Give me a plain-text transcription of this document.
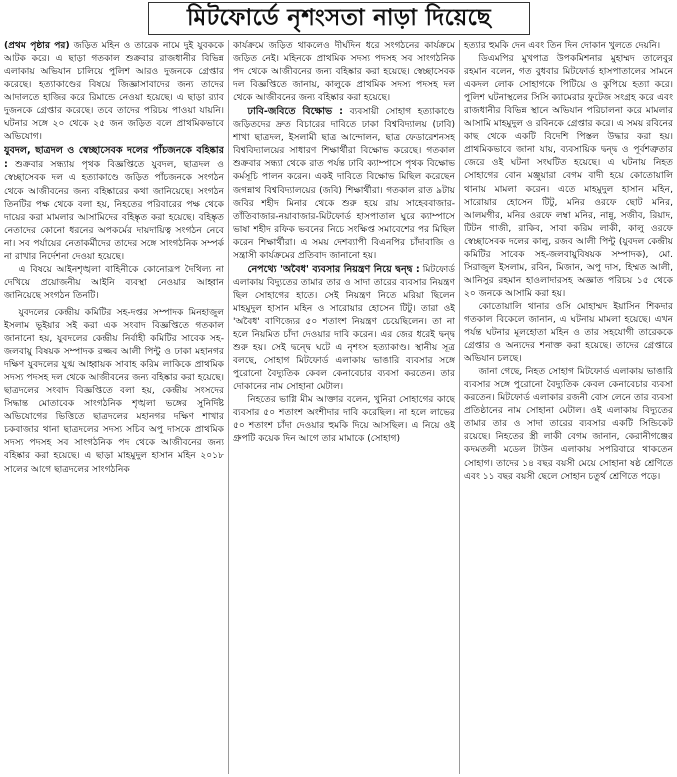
মিটফোর্ডে নৃশংসতা নাড়া দিয়েছে

(প্রথম পৃষ্ঠার পর) জড়িত মহিন ও তারেক নামে দুই যুবককে আটক করে। এ ছাড়া গতকাল শুক্রবার রাজধানীর বিভিন্ন এলাকায় অভিযান চালিয়ে পুলিশ আরও দুজনকে গ্রেপ্তার করেছে। হত্যাকাণ্ডের বিষয়ে জিজ্ঞাসাবাদের জন্য তাদের আদালতে হাজির করে রিমান্ডে নেওয়া হয়েছে। এ ছাড়া র‍্যাব দুজনকে গ্রেপ্তার করেছে। তবে তাদের পরিচয় পাওয়া যায়নি। ঘটনার সঙ্গে ২০ থেকে ২৫ জন জড়িত বলে প্রাথমিকভাবে অভিযোগ।

যুবদল, ছাত্রদল ও স্বেচ্ছাসেবক দলের পাঁচজনকে বহিষ্কার : শুক্রবার সন্ধ্যায় পৃথক বিজ্ঞপ্তিতে যুবদল, ছাত্রদল ও স্বেচ্ছাসেবক দল এ হত্যাকাণ্ডে জড়িত পাঁচজনকে সংগঠন থেকে আজীবনের জন্য বহিষ্কারের কথা জানিয়েছে। সংগঠন তিনটির পক্ষ থেকে বলা হয়, নিহতের পরিবারের পক্ষ থেকে দায়ের করা মামলার আসামিদের বহিষ্কৃত করা হয়েছে। বহিষ্কৃত নেতাদের কোনো ধরনের অপকর্মের দায়দায়িত্ব সংগঠন নেবে না। সব পর্যায়ের নেতাকর্মীদের তাদের সঙ্গে সাংগঠনিক সম্পর্ক না রাখার নির্দেশনা দেওয়া হয়েছে।

এ বিষয়ে আইনশৃঙ্খলা বাহিনীকে কোনোরূপ দৈথিল্য না দেখিয়ে প্রয়োজনীয় আইনি ব্যবস্থা নেওয়ার আহ্বান জানিয়েছে সংগঠন তিনটি।

যুবদলের কেন্দ্রীয় কমিটির সহ-দপ্তর সম্পাদক মিনহাজুল ইসলাম ভূইয়ার সই করা এক সংবাদ বিজ্ঞপ্তিতে গতকাল জানানো হয়, যুবদলের কেন্দ্রীয় নির্বাহী কমিটির সাবেক সহ-জলবায়ু বিষয়ক সম্পাদক রজ্জব আলী পিন্টু ও ঢাকা মহানগর দক্ষিণ যুবদলের যুগ্ম আহ্বায়ক সাবাহ করিম লাকিকে প্রাথমিক সদস্য পদসহ দল থেকে আজীবনের জন্য বহিষ্কার করা হয়েছে। ছাত্রদলের সংবাদ বিজ্ঞপ্তিতে বলা হয়, কেন্দ্রীয় সংসদের সিদ্ধান্ত মোতাবেক সাংগঠনিক শৃঙ্খলা ভঙ্গের সুনির্দিষ্ট অভিযোগের ভিত্তিতে ছাত্রদলের মহানগর দক্ষিণ শাখার চকবাজার থানা ছাত্রদলের সদস্য সচিব অপু দাসকে প্রাথমিক সদস্য পদসহ সব সাংগঠনিক পদ থেকে আজীবনের জন্য বহিষ্কার করা হয়েছে। এ ছাড়া মাহমুদুল হাসান মহিন ২০১৮ সালের আগে ছাত্রদলের সাংগঠনিক

কার্যক্রমে জড়িত থাকলেও দীর্ঘদিন ধরে সংগঠনের কার্যক্রমে জড়িত নেই। মহিনকে প্রাথমিক সদস্য পদসহ সব সাংগঠনিক পদ থেকে আজীবনের জন্য বহিষ্কার করা হয়েছে। স্বেচ্ছাসেবক দল বিজ্ঞপ্তিতে জানায়, কালুকে প্রাথমিক সদস্য পদসহ দল থেকে আজীবনের জন্য বহিষ্কার করা হয়েছে।

ঢাবি-জবিতে বিক্ষোভ : ব্যবসায়ী সোহাগ হত্যাকাণ্ডে জড়িতদের দ্রুত বিচারের দাবিতে ঢাকা বিশ্ববিদ্যালয় (ঢাবি) শাখা ছাত্রদল, ইসলামী ছাত্র আন্দোলন, ছাত্র ফেডারেশনসহ বিশ্ববিদ্যালয়ের সাধারণ শিক্ষার্থীরা বিক্ষোভ করেছে। গতকাল শুক্রবার সন্ধ্যা থেকে রাত পর্যন্ত ঢাবি ক্যাম্পাসে পৃথক বিক্ষোভ কর্মসূচি পালন করেন। একই দাবিতে বিক্ষোভ মিছিল করেছেন জগন্নাথ বিশ্ববিদ্যালয়ের (জবি) শিক্ষার্থীরা। গতকাল রাত ৯টায় জবির শহীদ মিনার থেকে শুরু হয়ে রায় সাহেববাজার-তাঁতিবাজার-নয়াবাজার-মিটফোর্ড হাসপাতাল ঘুরে ক্যাম্পাসে ভাষা শহীদ রফিক ভবনের নিচে সংক্ষিপ্ত সমাবেশের পর মিছিল করেন শিক্ষার্থীরা। এ সময় দেশব্যাপী বিএনপির চাঁদাবাজি ও সন্ত্রাসী কার্যক্রমের প্রতিবাদ জানানো হয়।

নেপথ্যে 'অবৈধ' ব্যবসার নিয়ন্ত্রণ নিয়ে দ্বন্দ্ব : মিটফোর্ড এলাকায় বিদ্যুতের তামার তার ও সাদা তারের ব্যবসার নিয়ন্ত্রণ ছিল সোহাগের হাতে। সেই নিয়ন্ত্রণ নিতে মরিয়া ছিলেন মাহমুদুল হাসান মহিন ও সারোয়ার হোসেন টিটু। তারা ওই 'অবৈধ' বাণিজ্যের ৫০ শতাংশ নিয়ন্ত্রণ চেয়েছিলেন। তা না হলে নিয়মিত চাঁদা দেওয়ার দাবি করেন। এর জের ধরেই দ্বন্দ্ব শুরু হয়। সেই দ্বন্দ্বে ঘটে এ নৃশংস হত্যাকাণ্ড। স্থানীয় সূত্র বলছে, সোহাগ মিটফোর্ড এলাকায় ভাঙারি ব্যবসার সঙ্গে পুরোনো বৈদ্যুতিক কেবল কেনাবেচার ব্যবসা করতেন। তার দোকানের নাম সোহানা মেটাল।

নিহতের ভাগ্নি মীম আক্তার বলেন, খুনিরা সোহাগের কাছে ব্যবসার ৫০ শতাংশ অংশীদার দাবি করেছিল। না হলে লাভের ৫০ শতাংশ চাঁদা দেওয়ার হুমকি দিয়ে আসছিল। এ নিয়ে ওই গ্রুপটি কয়েক দিন আগে তার মামাকে (সোহাগ)

হত্যার হুমকি দেন এবং তিন দিন দোকান খুলতে দেয়নি।

ডিএমপির মুখপাত্র উপকমিশনার মুহাম্মদ তালেবুর রহমান বলেন, গত বুধবার মিটফোর্ড হাসপাতালের সামনে একদল লোক সোহাগকে পিটিয়ে ও কুপিয়ে হত্যা করে। পুলিশ ঘটনাস্থলের সিসি ক্যামেরার ফুটেজ সংগ্রহ করে এবং রাজধানীর বিভিন্ন স্থানে অভিযান পরিচালনা করে মামলার আসামি মাহমুদুল ও রবিনকে গ্রেপ্তার করে। এ সময় রবিনের কাছ থেকে একটি বিদেশি পিস্তল উদ্ধার করা হয়। প্রাথমিকভাবে জানা যায়, ব্যবসায়িক দ্বন্দ্ব ও পূর্বশত্রুতার জেরে ওই ঘটনা সংঘটিত হয়েছে। এ ঘটনায় নিহত সোহাগের বোন মঞ্জুয়ারা বেগম বাদী হয়ে কোতোয়ালি থানায় মামলা করেন। এতে মাহমুদুল হাসান মহিন, সারোয়ার হোসেন টিটু, মনির ওরফে ছোট মনির, আলমগীর, মনির ওরফে লম্বা মনির, নান্নু, সজীব, রিয়াদ, টিটন গাজী, রাকিব, সাবা করিম লাকী, কালু ওরফে স্বেচ্ছাসেবক দলের কালু, রজব আলী পিন্টু (যুবদল কেন্দ্রীয় কমিটির সাবেক সহ-জলবায়ুবিষয়ক সম্পাদক), মো. সিরাজুল ইসলাম, রবিন, মিজান, অপু দাস, হিম্মত আলী, আনিসুর রহমান হাওলাদারসহ অজ্ঞাত পরিচয় ১৫ থেকে ২০ জনকে আসামি করা হয়।

কোতোয়ালি থানার ওসি মোহাম্মদ ইয়াসিন শিকদার গতকাল বিকেলে জানান, এ ঘটনায় মামলা হয়েছে। এখন পর্যন্ত ঘটনার মূলহোতা মহিন ও তার সহযোগী তারেককে গ্রেপ্তার ও অন্যদের শনাক্ত করা হয়েছে। তাদের গ্রেপ্তারে অভিযান চলছে।

জানা গেছে, নিহত সোহাগ মিটফোর্ড এলাকায় ভাঙারি ব্যবসার সঙ্গে পুরোনো বৈদ্যুতিক কেবল কেনাবেচার ব্যবসা করতেন। মিটফোর্ড এলাকার রজনী বোস লেনে তার ব্যবসা প্রতিষ্ঠানের নাম সোহানা মেটাল। ওই এলাকায় বিদ্যুতের তামার তার ও সাদা তারের ব্যবসার একটি সিন্ডিকেট রয়েছে। নিহতের স্ত্রী লাকী বেগম জানান, কেরানীগঞ্জের কদমতলী মডেল টাউন এলাকায় সপরিবারে থাকতেন সোহাগ। তাদের ১৪ বছর বয়সী মেয়ে সোহানা ষষ্ঠ শ্রেণিতে এবং ১১ বছর বয়সী ছেলে সোহান চতুর্থ শ্রেণিতে পড়ে।
